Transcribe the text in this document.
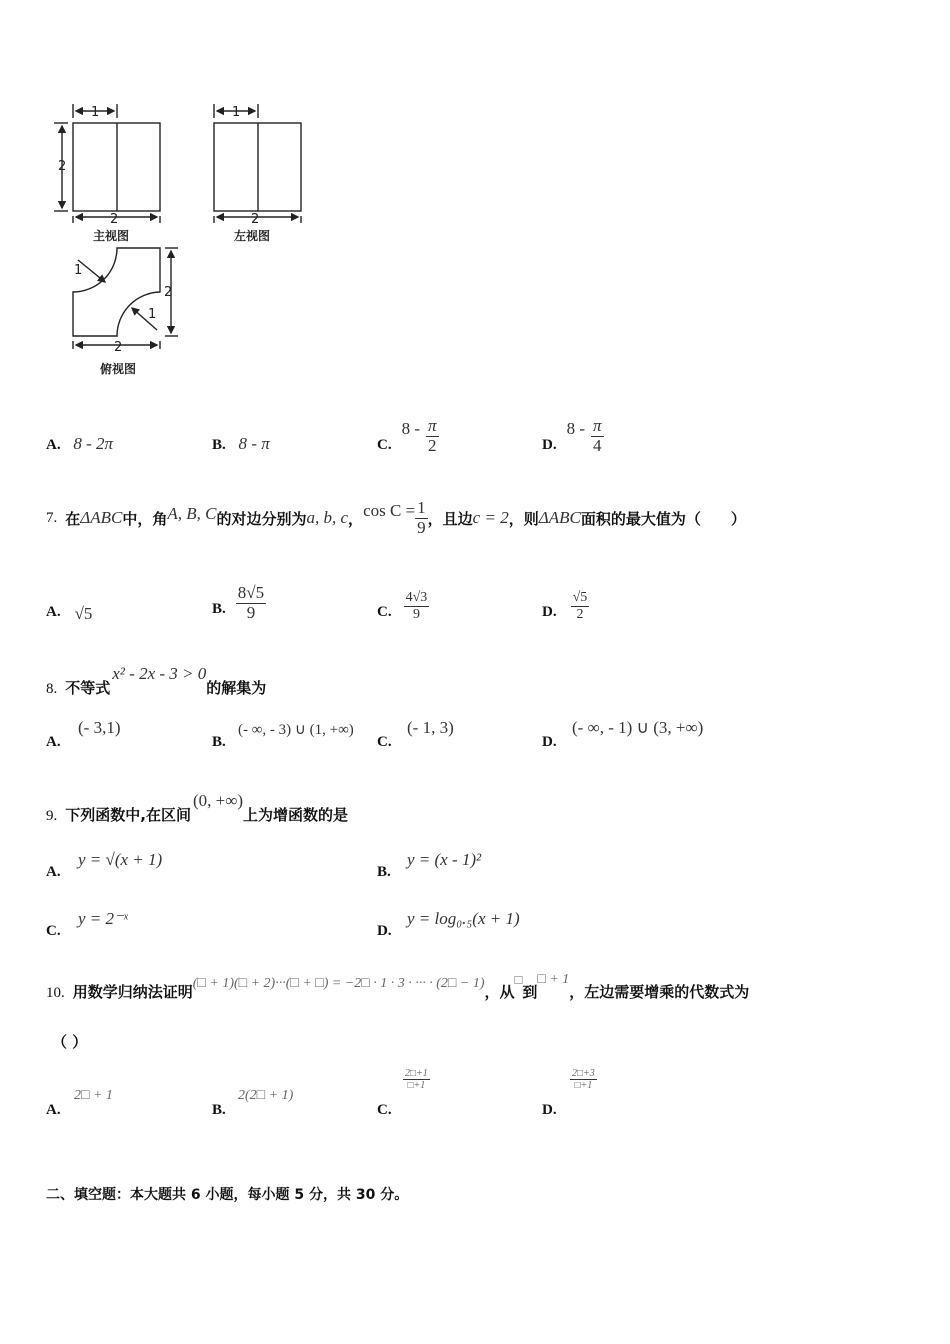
1
2
2
1
2
1
1
2
2
主视图	左视图
俯视图
A. 8 - 2π	B. 8 - π	C.
$8 - \frac{\pi}{2}$	D.
$8 - \frac{\pi}{4}$
7. 在 ΔABC 中，角 A, B, C 的对边分别为 a, b, c ， $\cos C = \frac{1}{9}$ ，且边 c = 2 ，则 ΔABC 面积的最大值为（　　）
A. √5	B. $\frac{8√5}{9}$	C. $\frac{4√3}{9}$	D. $\frac{√5}{2}$
8. 不等式
x² - 2x - 3 > 0
的解集为
A.
(- 3,1)
B.
(- ∞, - 3) ∪ (1, +∞)
C.
(- 1, 3)
D.
(- ∞, - 1) ∪ (3, +∞)
9. 下列函数中,在区间
(0, +∞)
上为增函数的是
A.
y = √(x + 1)
B.
y = (x - 1)²
C.
y = 2⁻ˣ
D.
y = log₀.₅(x + 1)
10. 用数学归纳法证明 (□ + 1)(□ + 2)···(□ + □) = −2□ · 1 · 3 · ··· · (2□ − 1) ，从
□
到
□ + 1
，左边需要增乘的代数式为
（ ）
A.
2□ + 1
B.
2(2□ + 1)
C.
$\frac{2□+1}{□+1}$
D.
$\frac{2□+3}{□+1}$
二、填空题：本大题共 6 小题，每小题 5 分，共 30 分。
